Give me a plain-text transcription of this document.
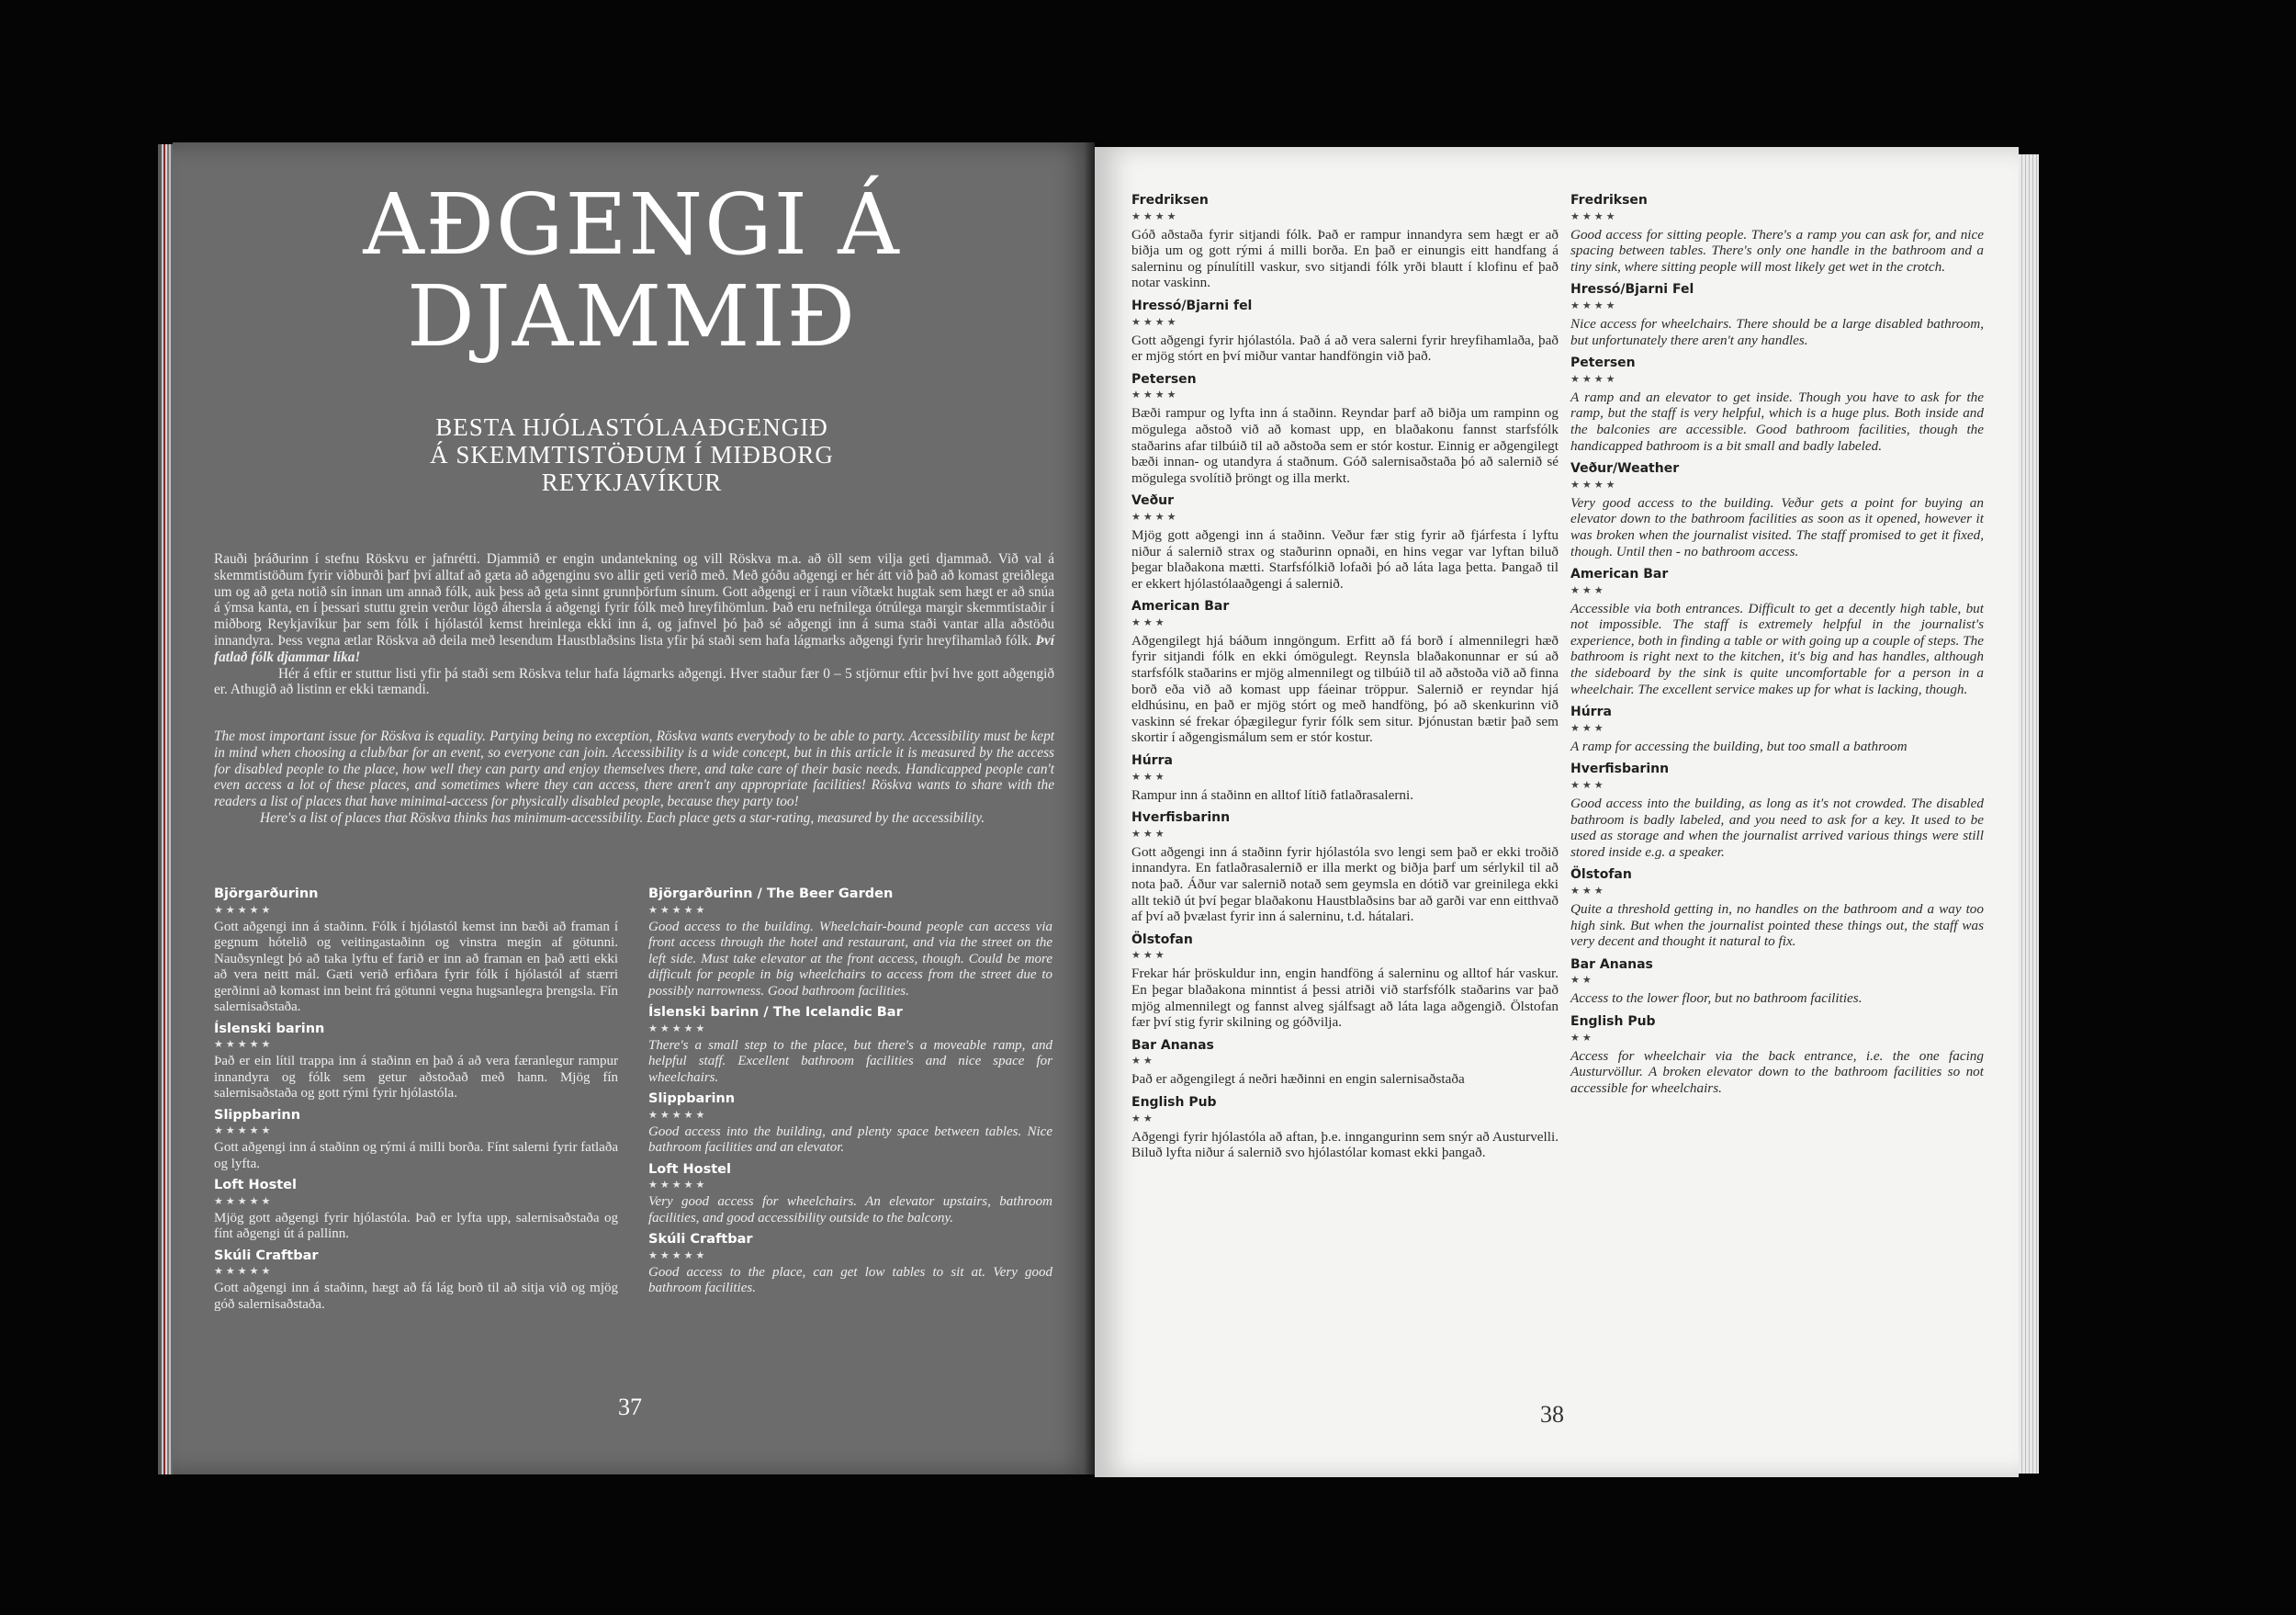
AÐGENGI Á DJAMMIÐ
BESTA HJÓLASTÓLAAÐGENGIÐ
Á SKEMMTISTÖÐUM Í MIÐBORG
REYKJAVÍKUR

Rauði þráðurinn í stefnu Röskvu er jafnrétti. Djammið er engin undantekning og vill Röskva m.a. að öll sem vilja geti djammað. Við val á skemmtistöðum fyrir viðburði þarf því alltaf að gæta að aðgenginu svo allir geti verið með. Með góðu aðgengi er hér átt við það að komast greiðlega um og að geta notið sín innan um annað fólk, auk þess að geta sinnt grunnþörfum sínum. Gott aðgengi er í raun víðtækt hugtak sem hægt er að snúa á ýmsa kanta, en í þessari stuttu grein verður lögð áhersla á aðgengi fyrir fólk með hreyfihömlun. Það eru nefnilega ótrúlega margir skemmtistaðir í miðborg Reykjavíkur þar sem fólk í hjólastól kemst hreinlega ekki inn á, og jafnvel þó það sé aðgengi inn á suma staði vantar alla aðstöðu innandyra. Þess vegna ætlar Röskva að deila með lesendum Haustblaðsins lista yfir þá staði sem hafa lágmarks aðgengi fyrir hreyfihamlað fólk. Því fatlað fólk djammar líka!

Hér á eftir er stuttur listi yfir þá staði sem Röskva telur hafa lágmarks aðgengi. Hver staður fær 0 – 5 stjörnur eftir því hve gott aðgengið er. Athugið að listinn er ekki tæmandi.

The most important issue for Röskva is equality. Partying being no exception, Röskva wants everybody to be able to party. Accessibility must be kept in mind when choosing a club/bar for an event, so everyone can join. Accessibility is a wide concept, but in this article it is measured by the access for disabled people to the place, how well they can party and enjoy themselves there, and take care of their basic needs. Handicapped people can't even access a lot of these places, and sometimes where they can access, there aren't any appropriate facilities! Röskva wants to share with the readers a list of places that have minimal-access for physically disabled people, because they party too!

Here's a list of places that Röskva thinks has minimum-accessibility. Each place gets a star-rating, measured by the accessibility.

Björgarðurinn
★★★★★
Gott aðgengi inn á staðinn. Fólk í hjólastól kemst inn bæði að framan í gegnum hótelið og veitingastaðinn og vinstra megin af götunni. Nauðsynlegt þó að taka lyftu ef farið er inn að framan en það ætti ekki að vera neitt mál. Gæti verið erfiðara fyrir fólk í hjólastól af stærri gerðinni að komast inn beint frá götunni vegna hugsanlegra þrengsla. Fín salernisaðstaða.
Íslenski barinn
★★★★★
Það er ein lítil trappa inn á staðinn en það á að vera færanlegur rampur innandyra og fólk sem getur aðstoðað með hann. Mjög fín salernisaðstaða og gott rými fyrir hjólastóla.
Slippbarinn
★★★★★
Gott aðgengi inn á staðinn og rými á milli borða. Fínt salerni fyrir fatlaða og lyfta.
Loft Hostel
★★★★★
Mjög gott aðgengi fyrir hjólastóla. Það er lyfta upp, salernisaðstaða og fínt aðgengi út á pallinn.
Skúli Craftbar
★★★★★
Gott aðgengi inn á staðinn, hægt að fá lág borð til að sitja við og mjög góð salernisaðstaða.
Björgarðurinn / The Beer Garden
★★★★★
Good access to the building. Wheelchair-bound people can access via front access through the hotel and restaurant, and via the street on the left side. Must take elevator at the front access, though. Could be more difficult for people in big wheelchairs to access from the street due to possibly narrowness. Good bathroom facilities.
Íslenski barinn / The Icelandic Bar
★★★★★
There's a small step to the place, but there's a moveable ramp, and helpful staff. Excellent bathroom facilities and nice space for wheelchairs.
Slippbarinn
★★★★★
Good access into the building, and plenty space between tables. Nice bathroom facilities and an elevator.
Loft Hostel
★★★★★
Very good access for wheelchairs. An elevator upstairs, bathroom facilities, and good accessibility outside to the balcony.
Skúli Craftbar
★★★★★
Good access to the place, can get low tables to sit at. Very good bathroom facilities.
37
Fredriksen
★★★★
Góð aðstaða fyrir sitjandi fólk. Það er rampur innandyra sem hægt er að biðja um og gott rými á milli borða. En það er einungis eitt handfang á salerninu og pínulítill vaskur, svo sitjandi fólk yrði blautt í klofinu ef það notar vaskinn.
Hressó/Bjarni fel
★★★★
Gott aðgengi fyrir hjólastóla. Það á að vera salerni fyrir hreyfihamlaða, það er mjög stórt en því miður vantar handföngin við það.
Petersen
★★★★
Bæði rampur og lyfta inn á staðinn. Reyndar þarf að biðja um rampinn og mögulega aðstoð við að komast upp, en blaðakonu fannst starfsfólk staðarins afar tilbúið til að aðstoða sem er stór kostur. Einnig er aðgengilegt bæði innan- og utandyra á staðnum. Góð salernisaðstaða þó að salernið sé mögulega svolítið þröngt og illa merkt.
Veður
★★★★
Mjög gott aðgengi inn á staðinn. Veður fær stig fyrir að fjárfesta í lyftu niður á salernið strax og staðurinn opnaði, en hins vegar var lyftan biluð þegar blaðakona mætti. Starfsfólkið lofaði þó að láta laga þetta. Þangað til er ekkert hjólastólaaðgengi á salernið.
American Bar
★★★
Aðgengilegt hjá báðum inngöngum. Erfitt að fá borð í almennilegri hæð fyrir sitjandi fólk en ekki ómögulegt. Reynsla blaðakonunnar er sú að starfsfólk staðarins er mjög almennilegt og tilbúið til að aðstoða við að finna borð eða við að komast upp fáeinar tröppur. Salernið er reyndar hjá eldhúsinu, en það er mjög stórt og með handföng, þó að skenkurinn við vaskinn sé frekar óþægilegur fyrir fólk sem situr. Þjónustan bætir það sem skortir í aðgengismálum sem er stór kostur.
Húrra
★★★
Rampur inn á staðinn en alltof lítið fatlaðrasalerni.
Hverfisbarinn
★★★
Gott aðgengi inn á staðinn fyrir hjólastóla svo lengi sem það er ekki troðið innandyra. En fatlaðrasalernið er illa merkt og biðja þarf um sérlykil til að nota það. Áður var salernið notað sem geymsla en dótið var greinilega ekki allt tekið út því þegar blaðakonu Haustblaðsins bar að garði var enn eitthvað af því að þvælast fyrir inn á salerninu, t.d. hátalari.
Ölstofan
★★★
Frekar hár þröskuldur inn, engin handföng á salerninu og alltof hár vaskur. En þegar blaðakona minntist á þessi atriði við starfsfólk staðarins var það mjög almennilegt og fannst alveg sjálfsagt að láta laga aðgengið. Ölstofan fær því stig fyrir skilning og góðvilja.
Bar Ananas
★★
Það er aðgengilegt á neðri hæðinni en engin salernisaðstaða
English Pub
★★
Aðgengi fyrir hjólastóla að aftan, þ.e. inngangurinn sem snýr að Austurvelli. Biluð lyfta niður á salernið svo hjólastólar komast ekki þangað.
Fredriksen
★★★★
Good access for sitting people. There's a ramp you can ask for, and nice spacing between tables. There's only one handle in the bathroom and a tiny sink, where sitting people will most likely get wet in the crotch.
Hressó/Bjarni Fel
★★★★
Nice access for wheelchairs. There should be a large disabled bathroom, but unfortunately there aren't any handles.
Petersen
★★★★
A ramp and an elevator to get inside. Though you have to ask for the ramp, but the staff is very helpful, which is a huge plus. Both inside and the balconies are accessible. Good bathroom facilities, though the handicapped bathroom is a bit small and badly labeled.
Veður/Weather
★★★★
Very good access to the building. Veður gets a point for buying an elevator down to the bathroom facilities as soon as it opened, however it was broken when the journalist visited. The staff promised to get it fixed, though. Until then - no bathroom access.
American Bar
★★★
Accessible via both entrances. Difficult to get a decently high table, but not impossible. The staff is extremely helpful in the journalist's experience, both in finding a table or with going up a couple of steps. The bathroom is right next to the kitchen, it's big and has handles, although the sideboard by the sink is quite uncomfortable for a person in a wheelchair. The excellent service makes up for what is lacking, though.
Húrra
★★★
A ramp for accessing the building, but too small a bathroom
Hverfisbarinn
★★★
Good access into the building, as long as it's not crowded. The disabled bathroom is badly labeled, and you need to ask for a key. It used to be used as storage and when the journalist arrived various things were still stored inside e.g. a speaker.
Ölstofan
★★★
Quite a threshold getting in, no handles on the bathroom and a way too high sink. But when the journalist pointed these things out, the staff was very decent and thought it natural to fix.
Bar Ananas
★★
Access to the lower floor, but no bathroom facilities.
English Pub
★★
Access for wheelchair via the back entrance, i.e. the one facing Austurvöllur. A broken elevator down to the bathroom facilities so not accessible for wheelchairs.
38
